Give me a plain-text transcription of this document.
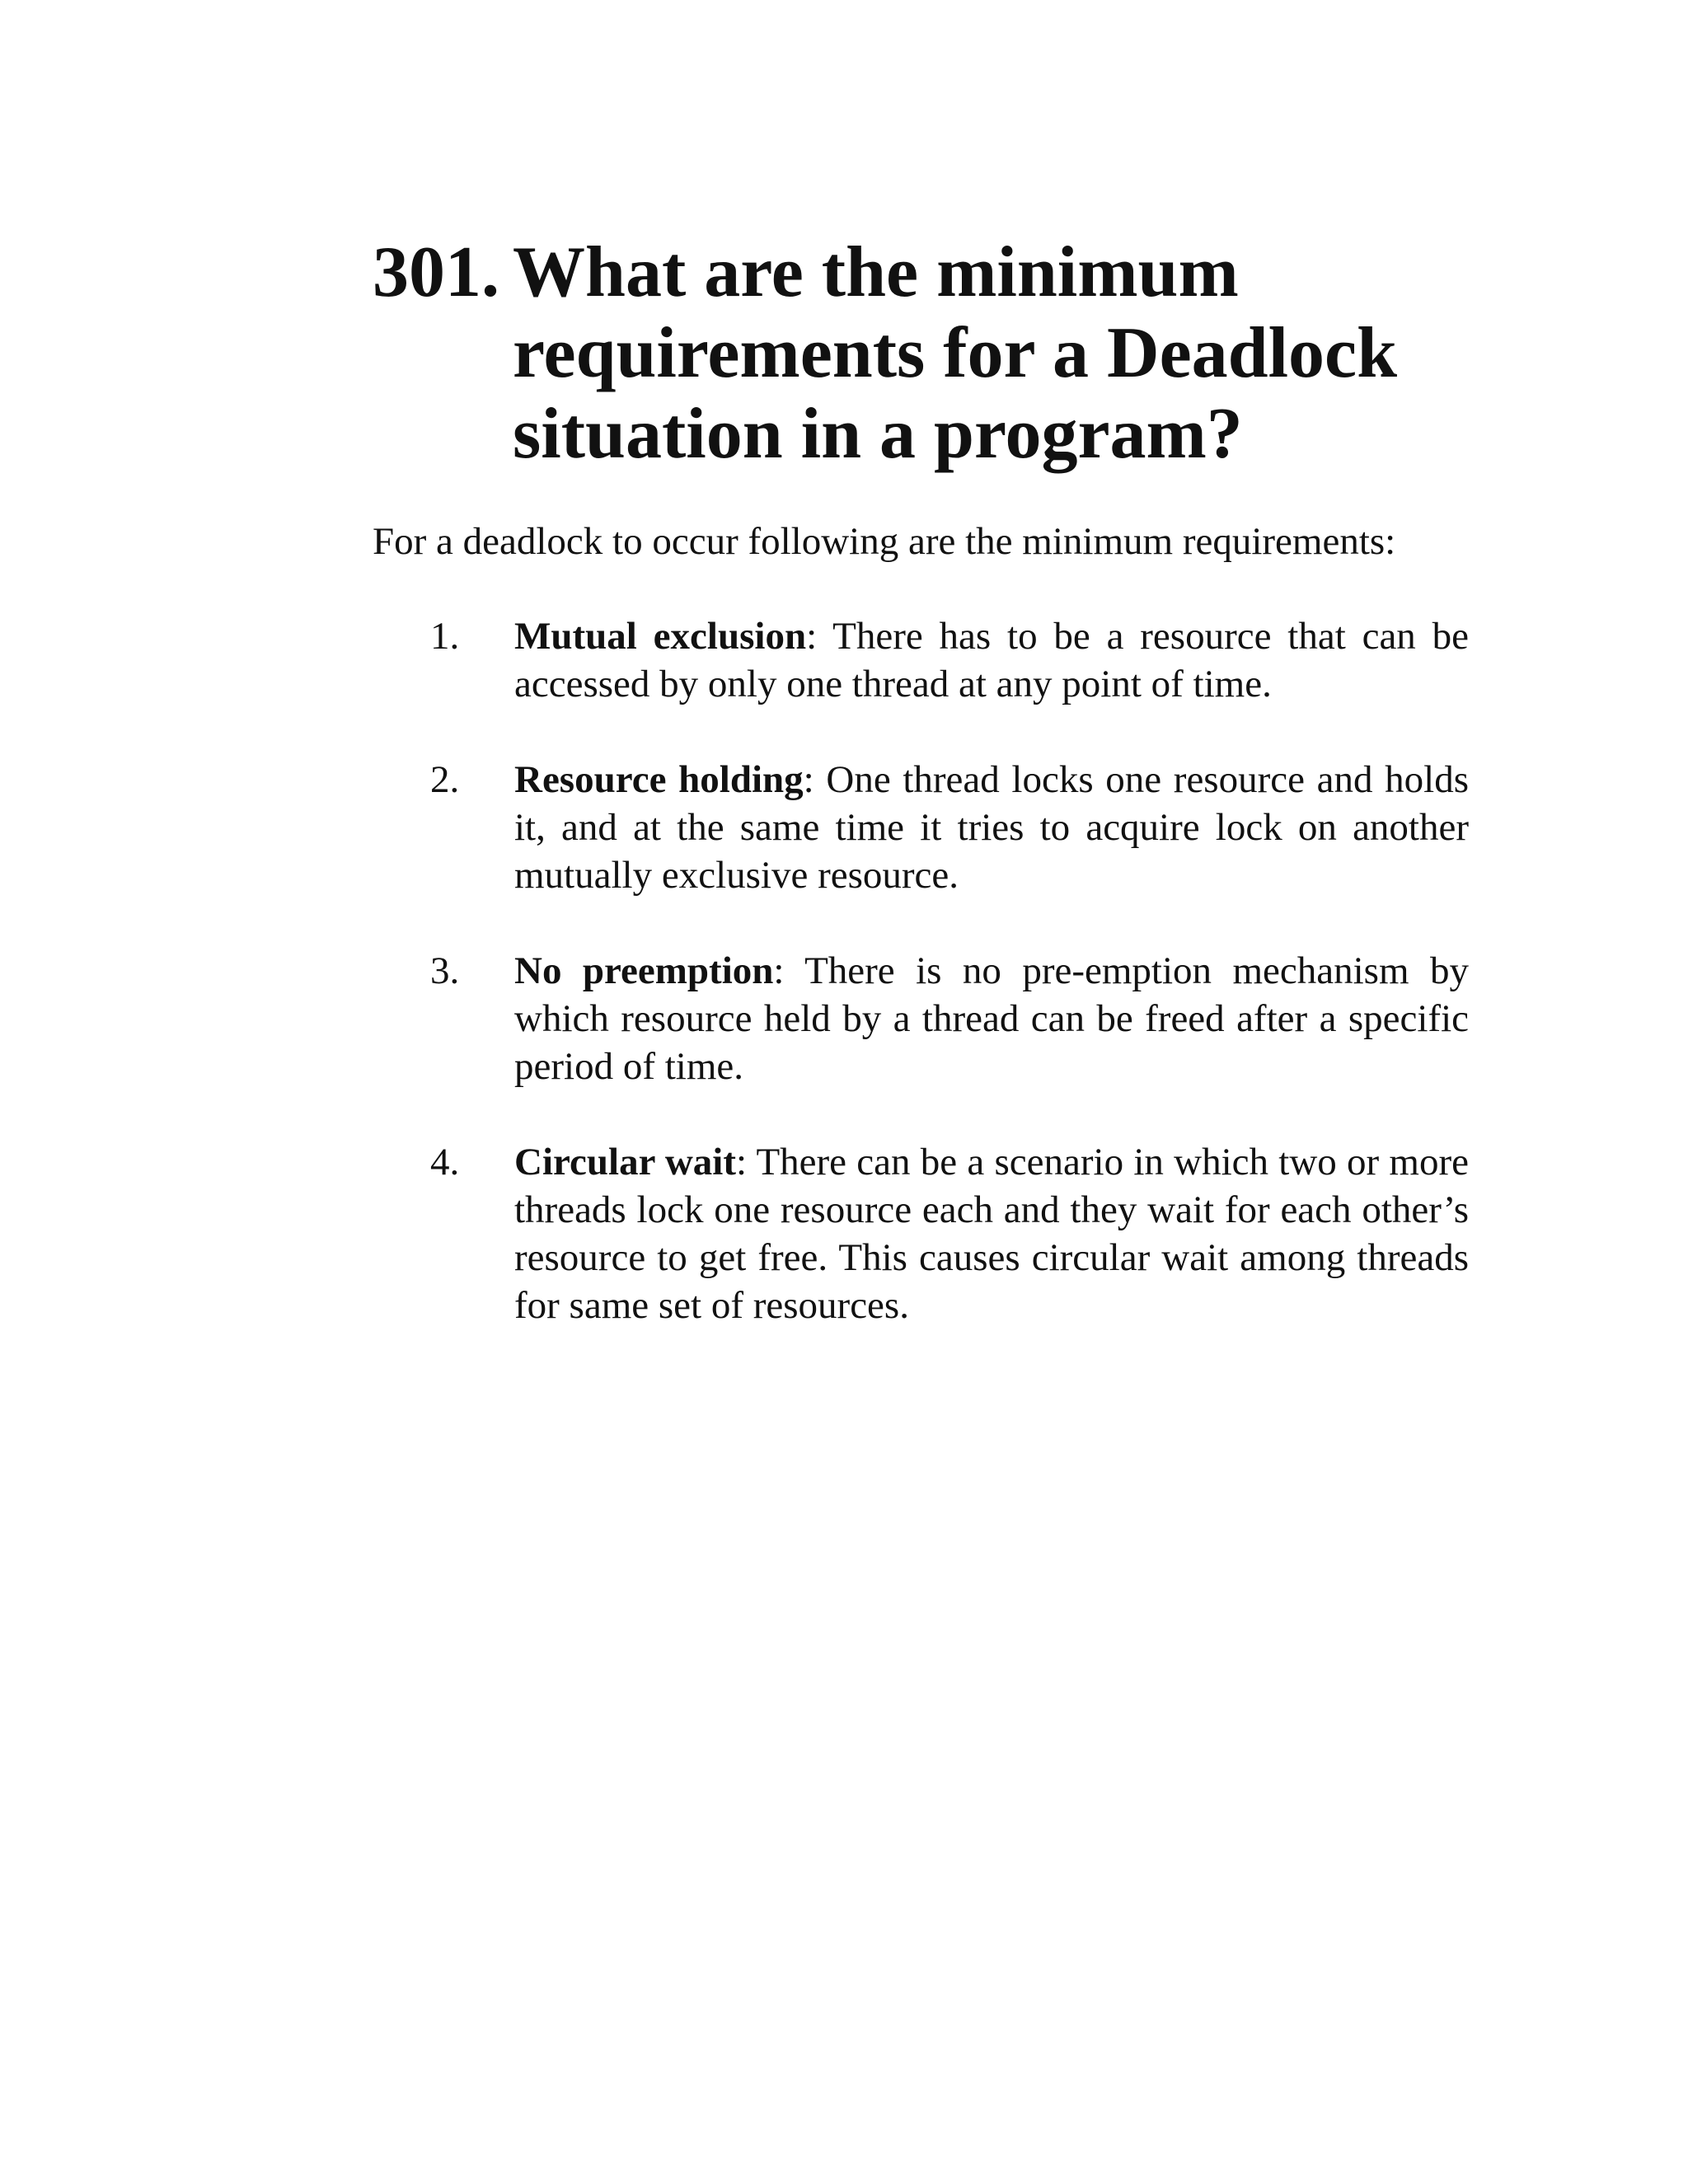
301. What are the minimum requirements for a Deadlock situation in a program?

For a deadlock to occur following are the minimum requirements:

1.	Mutual exclusion: There has to be a resource that can be accessed by only one thread at any point of time.
2.	Resource holding: One thread locks one resource and holds it, and at the same time it tries to acquire lock on another mutually exclusive resource.
3.	No preemption: There is no pre-emption mechanism by which resource held by a thread can be freed after a specific period of time.
4.	Circular wait: There can be a scenario in which two or more threads lock one resource each and they wait for each other’s resource to get free. This causes circular wait among threads for same set of resources.
